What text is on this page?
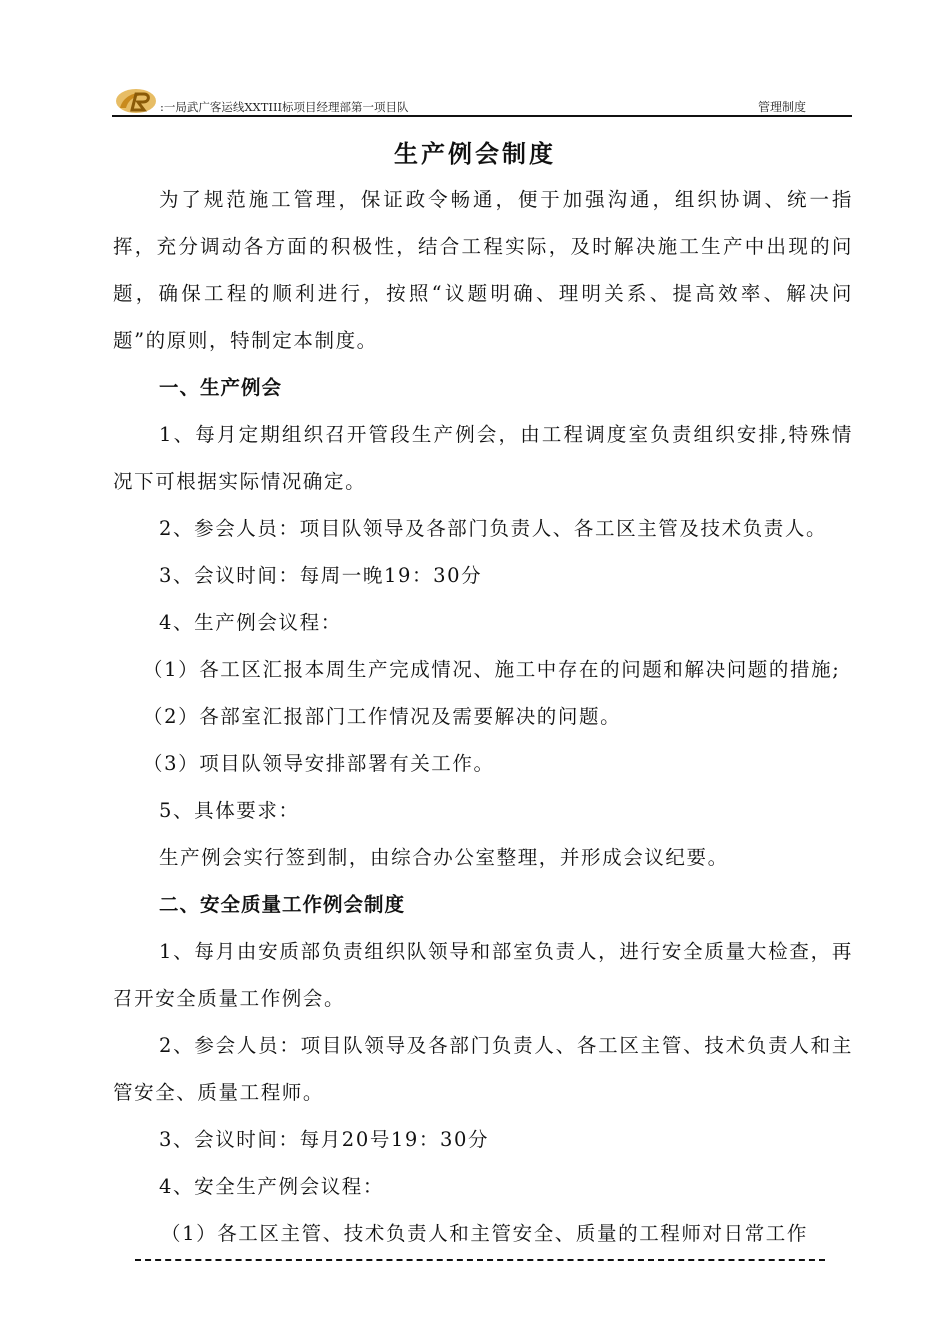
:一局武广客运线XXTIII标项目经理部第一项目队	管理制度
生产例会制度

为了规范施工管理，保证政令畅通，便于加强沟通，组织协调、统一指挥，充分调动各方面的积极性，结合工程实际，及时解决施工生产中出现的问题，确保工程的顺利进行，按照“议题明确、理明关系、提高效率、解决问题”的原则，特制定本制度。

一、生产例会

1、每月定期组织召开管段生产例会，由工程调度室负责组织安排,特殊情况下可根据实际情况确定。

2、参会人员：项目队领导及各部门负责人、各工区主管及技术负责人。

3、会议时间：每周一晚19：30分

4、生产例会议程：

（1）各工区汇报本周生产完成情况、施工中存在的问题和解决问题的措施;

（2）各部室汇报部门工作情况及需要解决的问题。

（3）项目队领导安排部署有关工作。

5、具体要求：

生产例会实行签到制，由综合办公室整理，并形成会议纪要。

二、安全质量工作例会制度

1、每月由安质部负责组织队领导和部室负责人，进行安全质量大检查，再召开安全质量工作例会。

2、参会人员：项目队领导及各部门负责人、各工区主管、技术负责人和主管安全、质量工程师。

3、会议时间：每月20号19：30分

4、安全生产例会议程：

（1）各工区主管、技术负责人和主管安全、质量的工程师对日常工作
